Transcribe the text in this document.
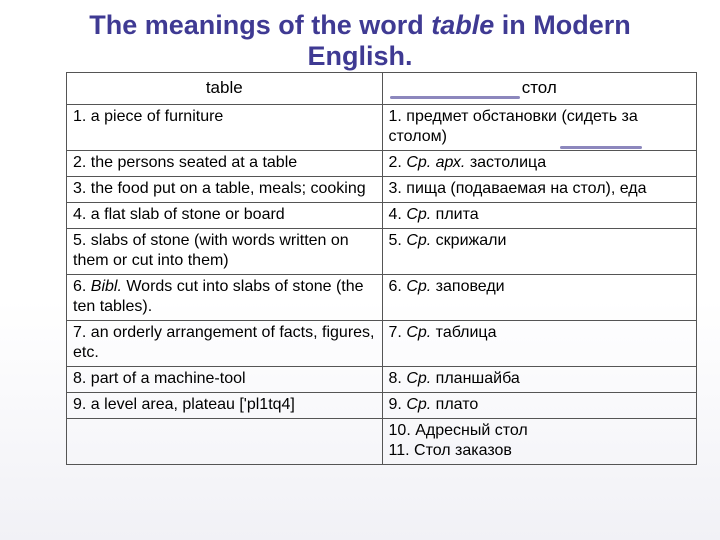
The meanings of the word table in Modern English.
table	стол
1. a piece of furniture	1. предмет обстановки (сидеть за столом)
2. the persons seated at a table	2. Ср. арх. застолица
3. the food put on a table, meals; cooking	3. пища (подаваемая на стол), еда
4. a flat slab of stone or board	4. Ср. плита
5. slabs of stone (with words written on them or cut into them)	5. Ср. скрижали
6. Bibl. Words cut into slabs of stone (the ten tables).	6. Ср. заповеди
7. an orderly arrangement of facts, figures, etc.	7. Ср. таблица
8. part of a machine-tool	8. Ср. планшайба
9. a level area, plateau ['pl1tq4]	9. Ср. плато

	10. Адресный стол
11. Стол заказов
